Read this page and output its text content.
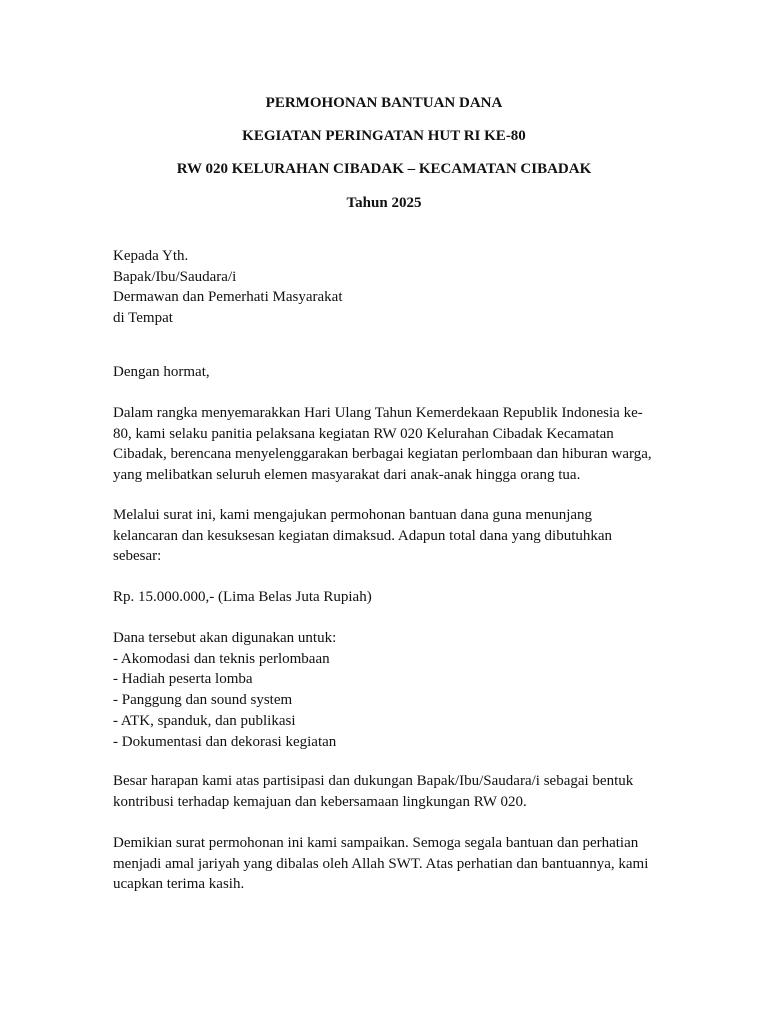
PERMOHONAN BANTUAN DANA
KEGIATAN PERINGATAN HUT RI KE-80
RW 020 KELURAHAN CIBADAK – KECAMATAN CIBADAK
Tahun 2025
Kepada Yth.
Bapak/Ibu/Saudara/i
Dermawan dan Pemerhati Masyarakat
di Tempat
Dengan hormat,
Dalam rangka menyemarakkan Hari Ulang Tahun Kemerdekaan Republik Indonesia ke-
80, kami selaku panitia pelaksana kegiatan RW 020 Kelurahan Cibadak Kecamatan
Cibadak, berencana menyelenggarakan berbagai kegiatan perlombaan dan hiburan warga,
yang melibatkan seluruh elemen masyarakat dari anak-anak hingga orang tua.
Melalui surat ini, kami mengajukan permohonan bantuan dana guna menunjang
kelancaran dan kesuksesan kegiatan dimaksud. Adapun total dana yang dibutuhkan
sebesar:
Rp. 15.000.000,- (Lima Belas Juta Rupiah)
Dana tersebut akan digunakan untuk:
- Akomodasi dan teknis perlombaan
- Hadiah peserta lomba
- Panggung dan sound system
- ATK, spanduk, dan publikasi
- Dokumentasi dan dekorasi kegiatan
Besar harapan kami atas partisipasi dan dukungan Bapak/Ibu/Saudara/i sebagai bentuk
kontribusi terhadap kemajuan dan kebersamaan lingkungan RW 020.
Demikian surat permohonan ini kami sampaikan. Semoga segala bantuan dan perhatian
menjadi amal jariyah yang dibalas oleh Allah SWT. Atas perhatian dan bantuannya, kami
ucapkan terima kasih.
